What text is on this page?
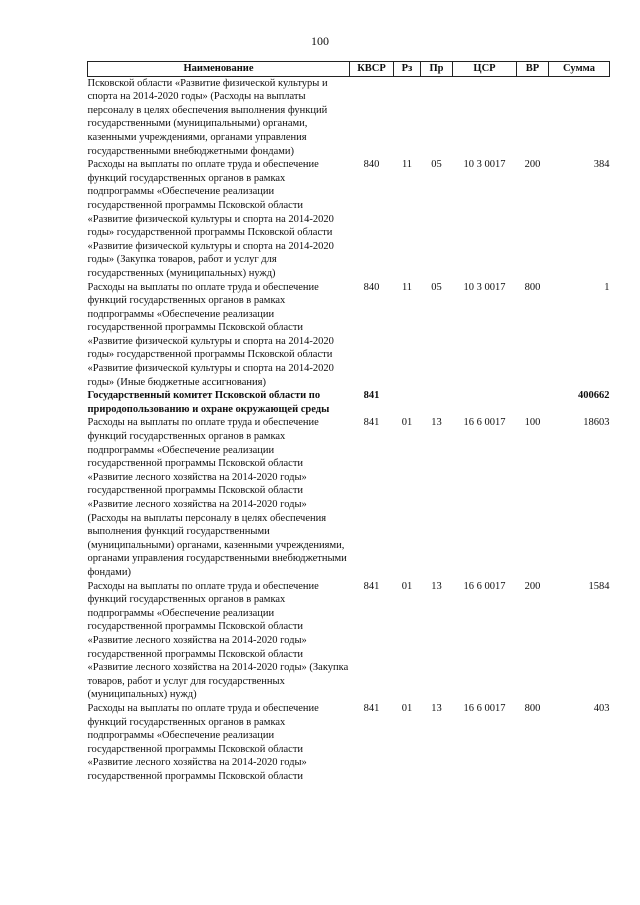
100
Наименование	КВСР	Рз	Пр	ЦСР	ВР	Сумма
Псковской области «Развитие физической культуры и спорта на 2014-2020 годы» (Расходы на выплаты персоналу в целях обеспечения выполнения функций государственными (муниципальными) органами, казенными учреждениями, органами управления государственными внебюджетными фондами)						
Расходы на выплаты по оплате труда и обеспечение функций государственных органов в рамках подпрограммы «Обеспечение реализации государственной программы Псковской области «Развитие физической культуры и спорта на 2014-2020 годы» государственной программы Псковской области «Развитие физической культуры и спорта на 2014-2020 годы» (Закупка товаров, работ и услуг для государственных (муниципальных) нужд)	840	11	05	10 3 0017	200	384
Расходы на выплаты по оплате труда и обеспечение функций государственных органов в рамках подпрограммы «Обеспечение реализации государственной программы Псковской области «Развитие физической культуры и спорта на 2014-2020 годы» государственной программы Псковской области «Развитие физической культуры и спорта на 2014-2020 годы» (Иные бюджетные ассигнования)	840	11	05	10 3 0017	800	1
Государственный комитет Псковской области по природопользованию и охране окружающей среды	841					400662
Расходы на выплаты по оплате труда и обеспечение функций государственных органов в рамках подпрограммы «Обеспечение реализации государственной программы Псковской области «Развитие лесного хозяйства на 2014-2020 годы» государственной программы Псковской области «Развитие лесного хозяйства на 2014-2020 годы» (Расходы на выплаты персоналу в целях обеспечения выполнения функций государственными (муниципальными) органами, казенными учреждениями, органами управления государственными внебюджетными фондами)	841	01	13	16 6 0017	100	18603
Расходы на выплаты по оплате труда и обеспечение функций государственных органов в рамках подпрограммы «Обеспечение реализации государственной программы Псковской области «Развитие лесного хозяйства на 2014-2020 годы» государственной программы Псковской области «Развитие лесного хозяйства на 2014-2020 годы» (Закупка товаров, работ и услуг для государственных (муниципальных) нужд)	841	01	13	16 6 0017	200	1584
Расходы на выплаты по оплате труда и обеспечение функций государственных органов в рамках подпрограммы «Обеспечение реализации государственной программы Псковской области «Развитие лесного хозяйства на 2014-2020 годы» государственной программы Псковской области	841	01	13	16 6 0017	800	403
